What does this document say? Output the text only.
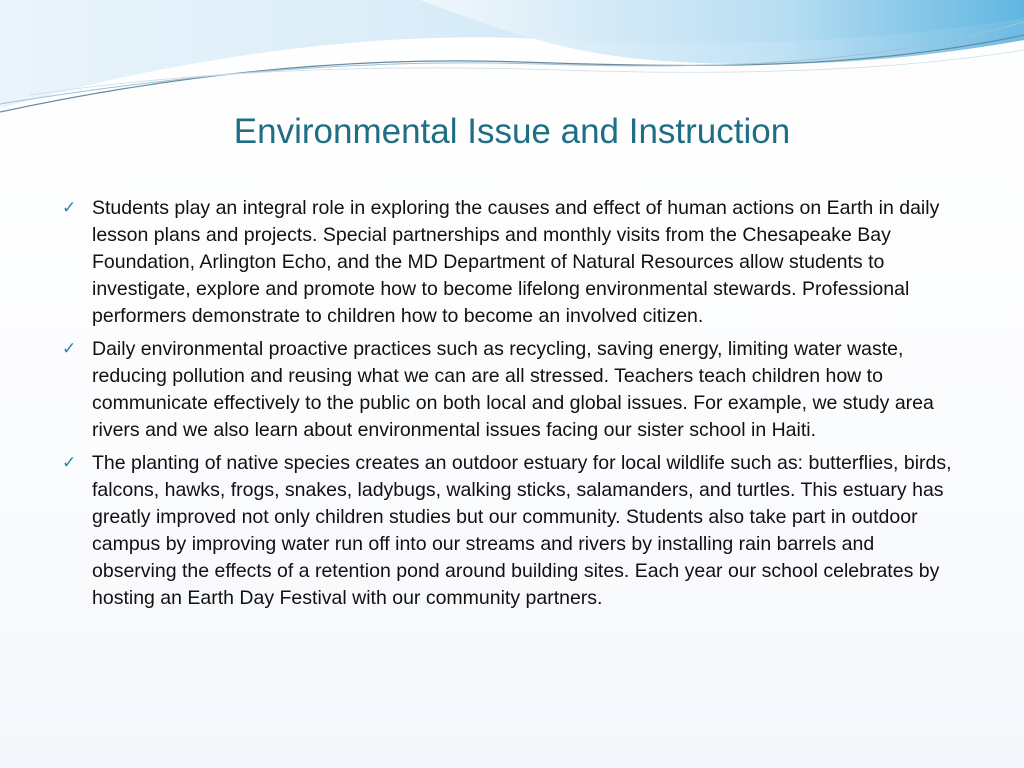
Environmental Issue and Instruction
✓ Students play an integral role in exploring the causes and effect of human actions on Earth in daily lesson plans and projects. Special partnerships and monthly visits from the Chesapeake Bay Foundation, Arlington Echo, and the MD Department of Natural Resources allow students to investigate, explore and promote how to become lifelong environmental stewards. Professional performers demonstrate to children how to become an involved citizen.
✓ Daily environmental proactive practices such as recycling, saving energy, limiting water waste, reducing pollution and reusing what we can are all stressed. Teachers teach children how to communicate effectively to the public on both local and global issues. For example, we study area rivers and we also learn about environmental issues facing our sister school in Haiti.
✓ The planting of native species creates an outdoor estuary for local wildlife such as: butterflies, birds, falcons, hawks, frogs, snakes, ladybugs, walking sticks, salamanders, and turtles. This estuary has greatly improved not only children studies but our community. Students also take part in outdoor campus by improving water run off into our streams and rivers by installing rain barrels and observing the effects of a retention pond around building sites. Each year our school celebrates by hosting an Earth Day Festival with our community partners.
